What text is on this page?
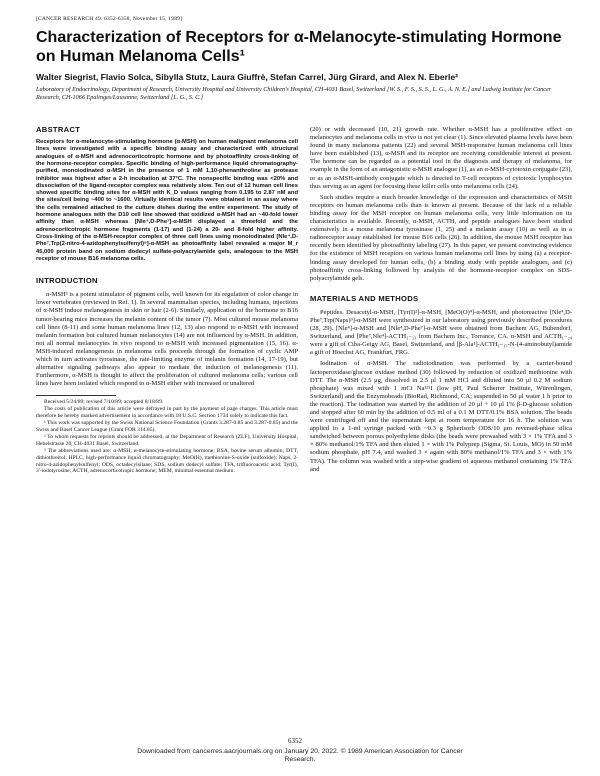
[CANCER RESEARCH 49. 6352-6358, November 15, 1989]
Characterization of Receptors for α-Melanocyte-stimulating Hormone on Human Melanoma Cells¹
Walter Siegrist, Flavio Solca, Sibylla Stutz, Laura Giuffrè, Stefan Carrel, Jürg Girard, and Alex N. Eberle²
Laboratory of Endocrinology, Department of Research, University Hospital and University Children's Hospital, CH-4031 Basel, Switzerland [W. S., F. S., S. S., L. G., A. N. E.] and Ludwig Institute for Cancer Research, CH-1066 Epalinges/Lausanne, Switzerland [L. G., S. C.]
ABSTRACT

Receptors for α-melanocyte-stimulating hormone (α-MSH) on human malignant melanoma cell lines were investigated with a specific binding assay and characterized with structural analogues of α-MSH and adrenocorticotropic hormone and by photoaffinity cross-linking of the hormone-receptor complex. Specific binding of high-performance liquid chromatography-purified, monoiodinated α-MSH in the presence of 1 mM 1,10-phenanthroline as protease inhibitor was highest after a 2-h incubation at 37°C. The nonspecific binding was <20% and dissociation of the ligand-receptor complex was relatively slow. Ten out of 12 human cell lines showed specific binding sites for α-MSH with K_D values ranging from 0.195 to 2.87 nM and the sites/cell being ~400 to ~1600. Virtually identical results were obtained in an assay where the cells remained attached to the culture dishes during the entire experiment. The study of hormone analogues with the D10 cell line showed that oxidized α-MSH had an ~40-fold lower affinity than α-MSH whereas [Nle⁴,D-Phe⁷]-α-MSH displayed a threefold and the adrenocorticotropic hormone fragments (1-17) and (1-24) a 20- and 8-fold higher affinity. Cross-linking of the α-MSH-receptor complex of three cell lines using monoiodinated [Nle⁴,D-Phe⁷,Trp(2-nitro-4-azidophenylsulfenyl)⁹]-α-MSH as photoaffinity label revealed a major M_r 45,000 protein band on sodium dodecyl sulfate-polyacrylamide gels, analogous to the MSH receptor of mouse B16 melanoma cells.

INTRODUCTION

α-MSH³ is a potent stimulator of pigment cells, well known for its regulation of color change in lower vertebrates (reviewed in Ref. 1). In several mammalian species, including humans, injections of α-MSH induce melanogenesis in skin or hair (2-6). Similarly, application of the hormone to B16 tumor-bearing mice increases the melanin content of the tumor (7). Most cultured mouse melanoma cell lines (8-11) and some human melanoma lines (12, 13) also respond to α-MSH with increased melanin formation but cultured human melanocytes (14) are not influenced by α-MSH. In addition, not all normal melanocytes in vivo respond to α-MSH with increased pigmentation (15, 16). α-MSH-induced melanogenesis in melanoma cells proceeds through the formation of cyclic AMP which in turn activates tyrosinase, the rate-limiting enzyme of melanin formation (14, 17-19), but alternative signaling pathways also appear to mediate the induction of melanogenesis (11). Furthermore, α-MSH is thought to affect the proliferation of cultured melanoma cells; various cell lines have been isolated which respond to α-MSH either with increased or unaltered

Received 5/24/89; revised 7/10/89; accepted 8/18/89.

The costs of publication of this article were defrayed in part by the payment of page charges. This article must therefore be hereby marked advertisement in accordance with 18 U.S.C. Section 1734 solely to indicate this fact.

¹ This work was supported by the Swiss National Science Foundation (Grants 3.287-0.85 and 3.287-0.85) and the Swiss and Basel Cancer League (Grant FOR 314.85).

² To whom requests for reprints should be addressed, at the Department of Research (ZLF), University Hospital, Hebelstrasse 20, CH-4031 Basel, Switzerland.

³ The abbreviations used are: α-MSH, α-melanocyte-stimulating hormone; BSA, bovine serum albumin; DTT, dithiothreitol; HPLC, high-performance liquid chromatography; MeO(H), methionine-S-oxide (sulfoxide); Naps, 2-nitro-4-azidophenylsulfenyl; ODS, octadecylsilane; SDS, sodium dodecyl sulfate; TFA, trifluoroacetic acid; Tyr(I), 3'-iodotyrosine; ACTH, adrenocorticotropic hormone; MEM, minimal essential medium.

(20) or with decreased (10, 21) growth rate. Whether α-MSH has a proliferative effect on melanocytes and melanoma cells in vivo is not yet clear (1). Since elevated plasma levels have been found in many melanoma patients (22) and several MSH-responsive human melanoma cell lines have been established (13), α-MSH and its receptor are receiving considerable interest at present. The hormone can be regarded as a potential tool in the diagnosis and therapy of melanoma, for example in the form of an antagonistic α-MSH analogue (1), as an α-MSH-cytotoxin conjugate (23), or as an α-MSH-antibody conjugate which is directed to T-cell receptors of cytotoxic lymphocytes thus serving as an agent for focusing these killer cells onto melanoma cells (24).

Such studies require a much broader knowledge of the expression and characteristics of MSH receptors on human melanoma cells than is known at present. Because of the lack of a reliable binding assay for the MSH receptor on human melanoma cells, very little information on its characteristics is available. Recently, α-MSH, ACTH, and peptide analogues have been studied extensively in a mouse melanoma tyrosinase (1, 25) and a melanin assay (10) as well as in a radioreceptor assay established for mouse B16 cells (26). In addition, the mouse MSH receptor has recently been identified by photoaffinity labeling (27). In this paper, we present convincing evidence for the existence of MSH receptors on various human melanoma cell lines by using (a) a receptor-binding assay developed for human cells, (b) a binding study with peptide analogues, and (c) photoaffinity cross-linking followed by analysis of the hormone-receptor complex on SDS-polyacrylamide gels.

MATERIALS AND METHODS

Peptides. Desacetyl-α-MSH, [Tyr(I)²]-α-MSH, [MeO(O)⁴]-α-MSH, and photoreactive [Nle⁴,D-Phe⁷,Trp(Naps)⁹]-α-MSH were synthesized in our laboratory using previously described procedures (28, 29). [Nle⁴]-α-MSH and [Nle⁴,D-Phe⁷]-α-MSH were obtained from Bachem AG, Bubendorf, Switzerland, and [Phe⁷,Nle⁴]-ACTH₁₋₁₃ from Bachem Inc., Torrance, CA. α-MSH and ACTH₁₋₂₄ were a gift of Ciba-Geigy AG, Basel, Switzerland, and [β-Ala¹]-ACTH₁₋₁₇-N-(4-aminobutyl)amide a gift of Hoechst AG, Frankfurt, FRG.

Iodination of α-MSH. The radioiodination was performed by a carrier-bound lactoperoxidase/glucose oxidase method (30) followed by reduction of oxidized methionine with DTT. The α-MSH (2.5 μg, dissolved in 2.5 μl 1 mM HCl and diluted into 50 μl 0.2 M sodium phosphate) was mixed with 1 mCi Na¹²⁵I (low pH, Paul Scherrer Institute, Würenlingen, Switzerland) and the Enzymobeads (BioRad, Richmond, CA; suspended in 50 μl water 1 h prior to the reaction). The iodination was started by the addition of 20 μl + 10 μl 1% β-D-glucose solution and stopped after 60 min by the addition of 0.5 ml of a 0.1 M DTT/0.1% BSA solution. The beads were centrifuged off and the supernatant kept at room temperature for 16 h. The solution was applied to a 1-ml syringe packed with ~0.3 g Spherisorb ODS/10 μm reversed-phase silica sandwiched between porous polyethylene disks (the beads were prewashed with 3 × 1% TFA and 3 × 80% methanol/1% TFA and then eluted 1 × with 1% Polyprep (Sigma, St. Louis, MO) in 50 mM sodium phosphate, pH 7.4, and washed 3 × again with 80% methanol/1% TFA and 3 × with 1% TFA). The column was washed with a step-wise gradient of aqueous methanol containing 1% TFA and

6352
Downloaded from cancerres.aacrjournals.org on January 20, 2022. © 1989 American Association for Cancer
Research.
